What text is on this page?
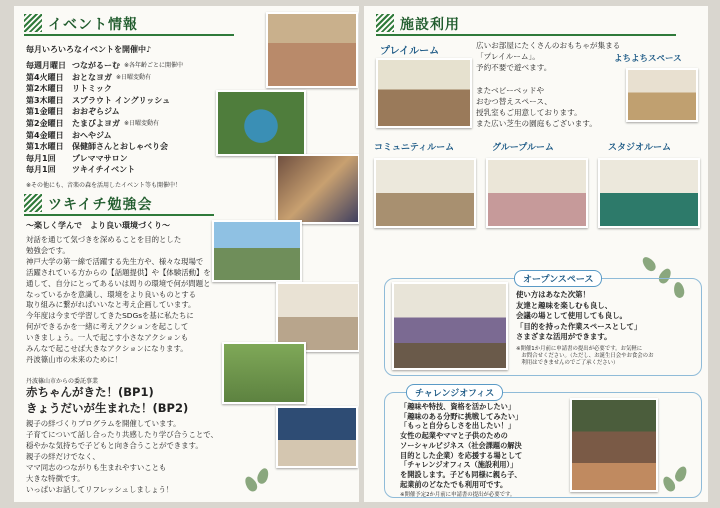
イベント情報
毎月いろいろなイベントを開催中♪
毎週月曜日 つながるーむ ※各年齢ごとに開催中
第4火曜日	おとなヨガ ※日曜変動有
第2木曜日	リトミック
第3木曜日	スプラウト イングリッシュ
第1金曜日	おおぞらジム
第2金曜日	たまびよヨガ ※日曜変動有
第4金曜日	おへやジム
第1水曜日	保健師さんとおしゃべり会
毎月1回	プレママサロン
毎月1回	ツキイチイベント
※その他にも、音楽の森を活用したイベント等も開催中！
ツキイチ勉強会
～楽しく学んで　より良い環境づくり～
対話を通じて気づきを深めることを目的とした
勉強会です。
神戸大学の第一線で活躍する先生方や、様々な現場で
活躍されている方からの【話題提供】や【体験活動】を
通して、自分にとってあるいは周りの環境で何が問題と
なっているかを意識し、環境をより良いものとする
取り組みに繋がればいいなと考え企画しています。
今年度は今まで学習してきたSDGsを基に私たちに
何ができるかを一緒に考えアクションを起こして
いきましょう。一人で起こす小さなアクションも
みんなで起こせば大きなアクションになります。
丹波篠山市の未来のために！
丹波篠山市からの委託事業
赤ちゃんがきた！(BP1)
きょうだいが生まれた！(BP2)
親子の絆づくりプログラムを開催しています。
子育てについて話し合ったり共感したり学び合うことで、
穏やかな気持ちで子どもと向き合うことができます。
親子の絆だけでなく、
ママ同志のつながりも生まれやすいことも
大きな特徴です。
いっぱいお話してリフレッシュしましょう！
施設利用
プレイルーム
広いお部屋にたくさんのおもちゃが集まる
「プレイルーム」。
予約不要で遊べます。

またベビーベッドや
おむつ替えスペース、
授乳室もご用意しております。
また広い芝生の園庭もございます。
よちよちスペース
コミュニティルーム	グループルーム	スタジオルーム
オープンスペース
使い方はあなた次第！
友達と趣味を楽しむも良し、
会議の場として使用しても良し。
「目的を持った作業スペースとして」
さまざまな活用ができます。
※開催1か月前に申請書の提出が必要です。お気軽に
　お問合せください。（ただし、お誕生日会やお食会のお
　利用はできませんのでご了承ください）
チャレンジオフィス
「趣味や特技、資格を活かしたい」
「趣味のある分野に挑戦してみたい」
「もっと自分らしさを出したい！」
女性の起業やママと子供のための
ソーシャルビジネス（社会課題の解決
目的とした企業）を応援する場として
「チャレンジオフィス（施設利用）」
を開設します。子ども同様に親ら子、
起業前のどなたでも利用可です。
※開催予定2か月前に申請書の提出が必要です。
